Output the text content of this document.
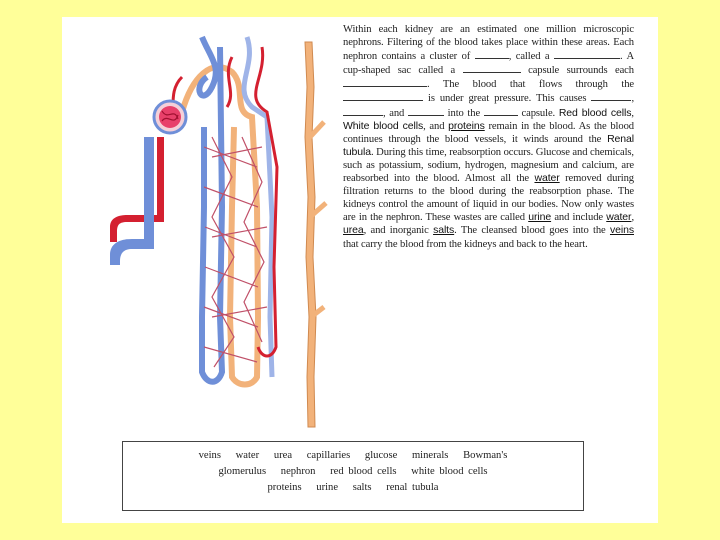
Within each kidney are an estimated one million microscopic nephrons. Filtering of the blood takes place within these areas. Each nephron contains a cluster of	, called a	. A cup-shaped sac called a	capsule surrounds each . The blood that flows through the  is under great pressure. This causes	, , and	into the	capsule. Red blood cells, White blood cells, and proteins remain in the blood. As the blood continues through the blood vessels, it winds around the Renal tubula. During this time, reabsorption occurs. Glucose and chemicals, such as potassium, sodium, hydrogen, magnesium and calcium, are reabsorbed into the blood. Almost all the water removed during filtration returns to the blood during the reabsorption phase. The kidneys control the amount of liquid in our bodies. Now only wastes are in the nephron. These wastes are called urine and include water, urea, and inorganic salts. The cleansed blood goes into the veins that carry the blood from the kidneys and back to the heart.

veins water urea capillaries glucose minerals Bowman's
glomerulus nephron red blood cells white blood cells
proteins urine salts renal tubula
